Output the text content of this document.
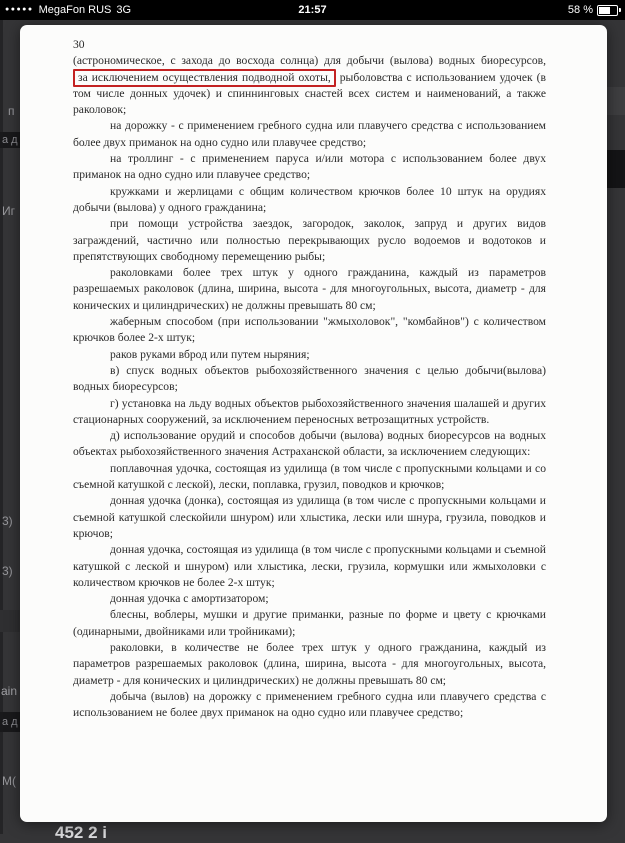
●●●●● MegaFon RUS 3G	21:57	58 %
п
а д
Иг
3)
3)
ain
а д
М(
452 2 i

30

(астрономическое, с захода до восхода солнца) для добычи (вылова) водных биоресурсов, за исключением осуществления подводной охоты, рыболовства с использованием удочек (в том числе донных удочек) и спиннинговых снастей всех систем и наименований, а также раколовок;

на дорожку - с применением гребного судна или плавучего средства с использованием более двух приманок на одно судно или плавучее средство;

на троллинг - с применением паруса и/или мотора с использованием более двух приманок на одно судно или плавучее средство;

кружками и жерлицами с общим количеством крючков более 10 штук на орудиях добычи (вылова) у одного гражданина;

при помощи устройства заездок, загородок, заколок, запруд и других видов заграждений, частично или полностью перекрывающих русло водоемов и водотоков и препятствующих свободному перемещению рыбы;

раколовками более трех штук у одного гражданина, каждый из параметров разрешаемых раколовок (длина, ширина, высота - для многоугольных, высота, диаметр - для конических и цилиндрических) не должны превышать 80 см;

жаберным способом (при использовании "жмыхоловок", "комбайнов") с количеством крючков более 2-х штук;

раков руками вброд или путем ныряния;

в) спуск водных объектов рыбохозяйственного значения с целью добычи(вылова) водных биоресурсов;

г) установка на льду водных объектов рыбохозяйственного значения шалашей и других стационарных сооружений, за исключением переносных ветрозащитных устройств.

д) использование орудий и способов добычи (вылова) водных биоресурсов на водных объектах рыбохозяйственного значения Астраханской области, за исключением следующих:

поплавочная удочка, состоящая из удилища (в том числе с пропускными кольцами и со съемной катушкой с леской), лески, поплавка, грузил, поводков и крючков;

донная удочка (донка), состоящая из удилища (в том числе с пропускными кольцами и съемной катушкой слескойили шнуром) или хлыстика, лески или шнура, грузила, поводков и крючов;

донная удочка, состоящая из удилища (в том числе с пропускными кольцами и съемной катушкой с леской и шнуром) или хлыстика, лески, грузила, кормушки или жмыхоловки с количеством крючков не более 2-х штук;

донная удочка с амортизатором;

блесны, воблеры, мушки и другие приманки, разные по форме и цвету с крючками (одинарными, двойниками или тройниками);

раколовки, в количестве не более трех штук у одного гражданина, каждый из параметров разрешаемых раколовок (длина, ширина, высота - для многоугольных, высота, диаметр - для конических и цилиндрических) не должны превышать 80 см;

добыча (вылов) на дорожку с применением гребного судна или плавучего средства с использованием не более двух приманок на одно судно или плавучее средство;
